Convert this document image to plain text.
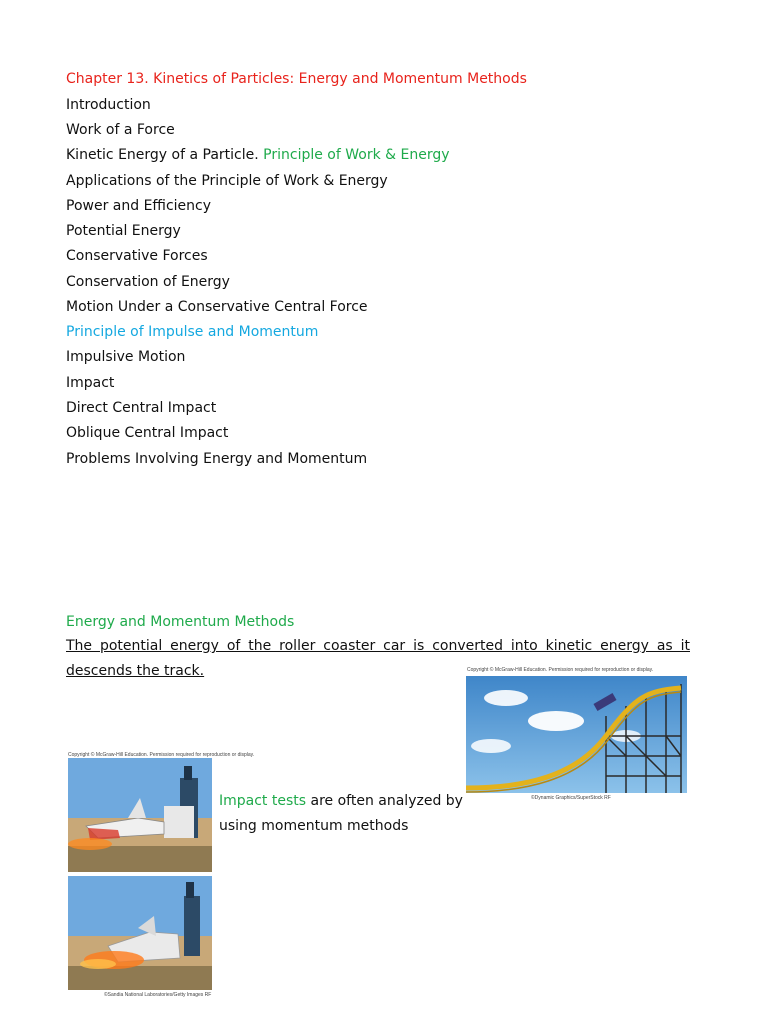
Chapter 13. Kinetics of Particles: Energy and Momentum Methods
Introduction
Work of a Force
Kinetic Energy of a Particle. Principle of Work & Energy
Applications of the Principle of Work & Energy
Power and Efficiency
Potential Energy
Conservative Forces
Conservation of Energy
Motion Under a Conservative Central Force
Principle of Impulse and Momentum
Impulsive Motion
Impact
Direct Central Impact
Oblique Central Impact
Problems Involving Energy and Momentum
Energy and Momentum Methods
The potential energy of the roller coaster car is converted into kinetic energy as it descends the track.	Copyright © McGraw-Hill Education. Permission required for reproduction or display.
©Dynamic Graphics/SuperStock RF
Copyright © McGraw-Hill Education. Permission required for reproduction or display.
©Sandia National Laboratories/Getty Images RF
Impact tests are often analyzed by using momentum methods
